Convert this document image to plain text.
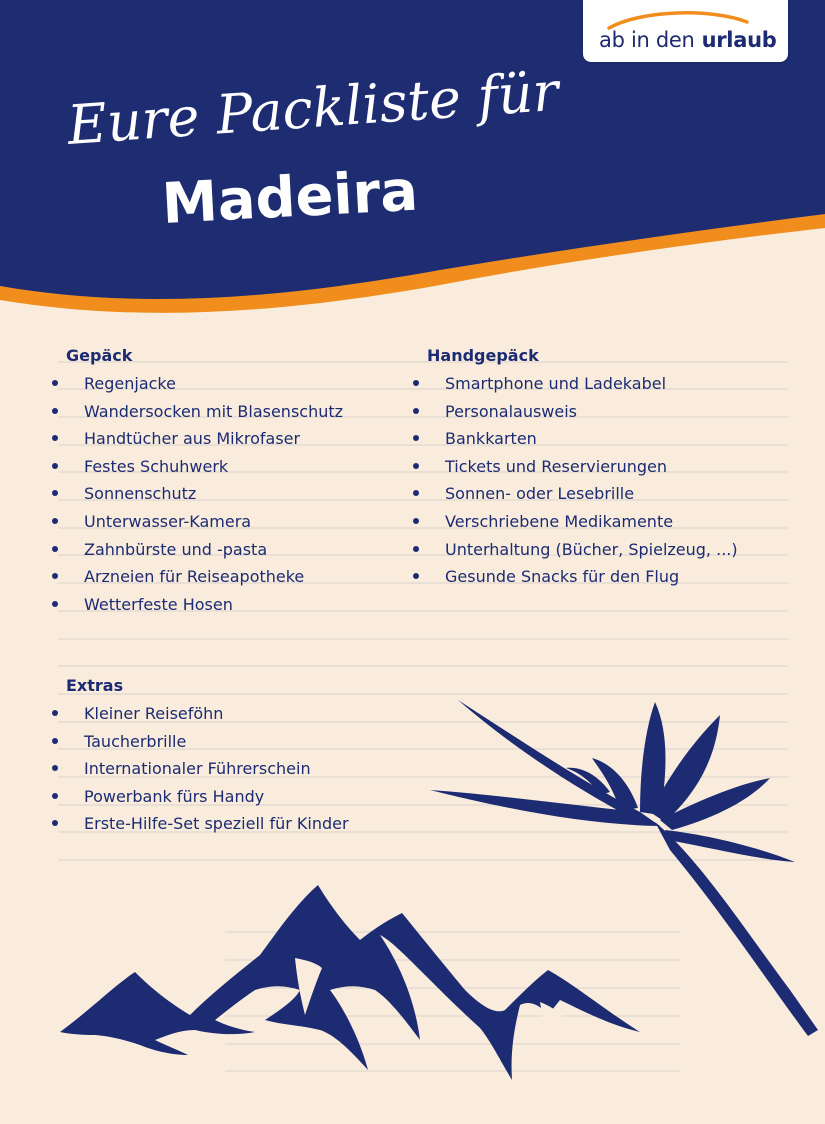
ab in den urlaub
Eure Packliste für
Madeira
Gepäck
Regenjacke
Wandersocken mit Blasenschutz
Handtücher aus Mikrofaser
Festes Schuhwerk
Sonnenschutz
Unterwasser-Kamera
Zahnbürste und -pasta
Arzneien für Reiseapotheke
Wetterfeste Hosen
Handgepäck
Smartphone und Ladekabel
Personalausweis
Bankkarten
Tickets und Reservierungen
Sonnen- oder Lesebrille
Verschriebene Medikamente
Unterhaltung (Bücher, Spielzeug, ...)
Gesunde Snacks für den Flug
Extras
Kleiner Reiseföhn
Taucherbrille
Internationaler Führerschein
Powerbank fürs Handy
Erste-Hilfe-Set speziell für Kinder
